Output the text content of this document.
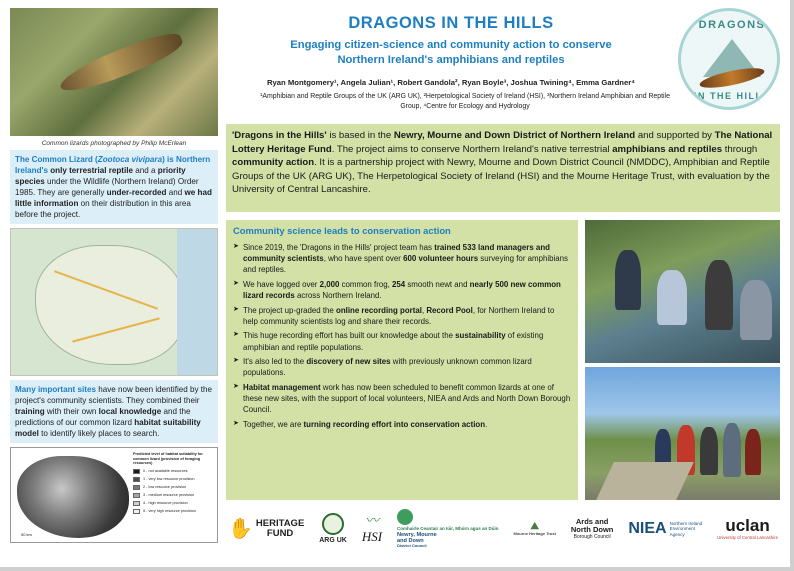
Common lizards photographed by Philip McErlean
The Common Lizard (Zootoca vivipara) is Northern Ireland's only terrestrial reptile and a priority species under the Wildlife (Northern Ireland) Order 1985. They are generally under-recorded and we had little information on their distribution in this area before the project.
Many important sites have now been identified by the project's community scientists. They combined their training with their own local knowledge and the predictions of our common lizard habitat suitability model to identify likely places to search.
50 km
Predicted level of habitat suitability for common lizard (provision of foraging resources)
0 - not available resources
1 - very low resource provision
2 - low resource provision
3 - medium resource provision
4 - high resource provision
5 - very high resource provision
DRAGONS IN THE HILLS
Engaging citizen-science and community action to conserve
Northern Ireland's amphibians and reptiles
Ryan Montgomery¹, Angela Julian¹, Robert Gandola², Ryan Boyle³, Joshua Twining⁴, Emma Gardner⁴
¹Amphibian and Reptile Groups of the UK (ARG UK), ²Herpetological Society of Ireland (HSI), ³Northern Ireland Amphibian and Reptile Group, ⁴Centre for Ecology and Hydrology
DRAGONS
IN THE HILLS
'Dragons in the Hills' is based in the Newry, Mourne and Down District of Northern Ireland and supported by The National Lottery Heritage Fund. The project aims to conserve Northern Ireland's native terrestrial amphibians and reptiles through community action. It is a partnership project with Newry, Mourne and Down District Council (NMDDC), Amphibian and Reptile Groups of the UK (ARG UK), The Herpetological Society of Ireland (HSI) and the Mourne Heritage Trust, with evaluation by the University of Central Lancashire.
Community science leads to conservation action
➤ Since 2019, the 'Dragons in the Hills' project team has trained 533 land managers and community scientists, who have spent over 600 volunteer hours surveying for amphibians and reptiles.
➤ We have logged over 2,000 common frog, 254 smooth newt and nearly 500 new common lizard records across Northern Ireland.
➤ The project up-graded the online recording portal, Record Pool, for Northern Ireland to help community scientists log and share their records.
➤ This huge recording effort has built our knowledge about the sustainability of existing amphibian and reptile populations.
➤ It's also led to the discovery of new sites with previously unknown common lizard populations.
➤ Habitat management work has now been scheduled to benefit common lizards at one of these new sites, with the support of local volunteers, NIEA and Ards and North Down Borough Council.
➤ Together, we are turning recording effort into conservation action.
✋ HERITAGE
FUND
ARG UK
〰
HSI	Comhairle Ceantair an Iúir, Mhúrn agus an Dúin
Newry, Mourne
and Down
District Council
⛰
Mourne Heritage Trust
Ards and
North Down
Borough Council NIEA Northern Ireland
Environment
Agency	uclan
University of Central Lancashire
